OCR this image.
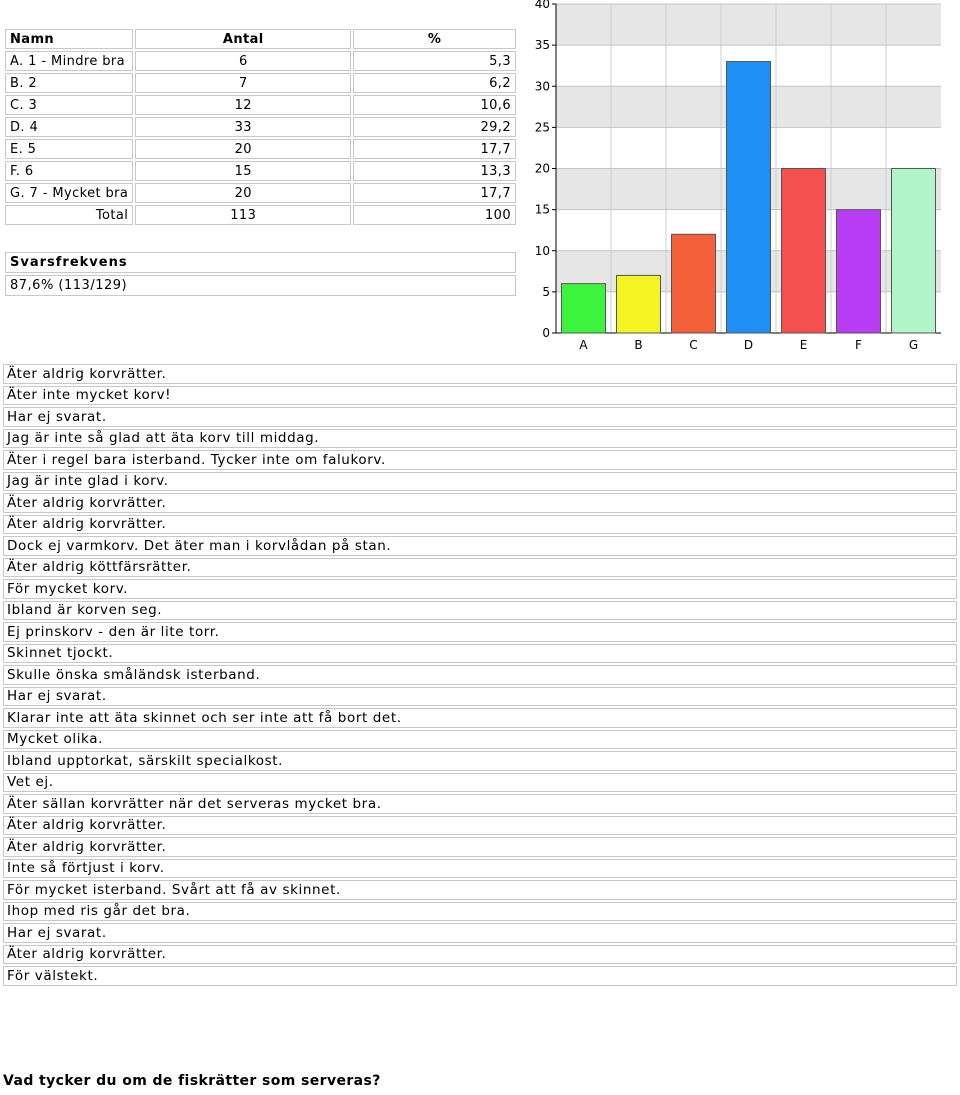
Namn	Antal	%
A. 1 - Mindre bra	6	5,3
B. 2	7	6,2
C. 3	12	10,6
D. 4	33	29,2
E. 5	20	17,7
F. 6	15	13,3
G. 7 - Mycket bra	20	17,7
Total	113	100
Svarsfrekvens
87,6% (113/129)
0
5
10
15
20
25
30
35
40
A	B	C	D	E	F	G
Äter aldrig korvrätter.
Äter inte mycket korv!
Har ej svarat.
Jag är inte så glad att äta korv till middag.
Äter i regel bara isterband. Tycker inte om falukorv.
Jag är inte glad i korv.
Äter aldrig korvrätter.
Äter aldrig korvrätter.
Dock ej varmkorv. Det äter man i korvlådan på stan.
Äter aldrig köttfärsrätter.
För mycket korv.
Ibland är korven seg.
Ej prinskorv - den är lite torr.
Skinnet tjockt.
Skulle önska småländsk isterband.
Har ej svarat.
Klarar inte att äta skinnet och ser inte att få bort det.
Mycket olika.
Ibland upptorkat, särskilt specialkost.
Vet ej.
Äter sällan korvrätter när det serveras mycket bra.
Äter aldrig korvrätter.
Äter aldrig korvrätter.
Inte så förtjust i korv.
För mycket isterband. Svårt att få av skinnet.
Ihop med ris går det bra.
Har ej svarat.
Äter aldrig korvrätter.
För välstekt.
Vad tycker du om de fiskrätter som serveras?
